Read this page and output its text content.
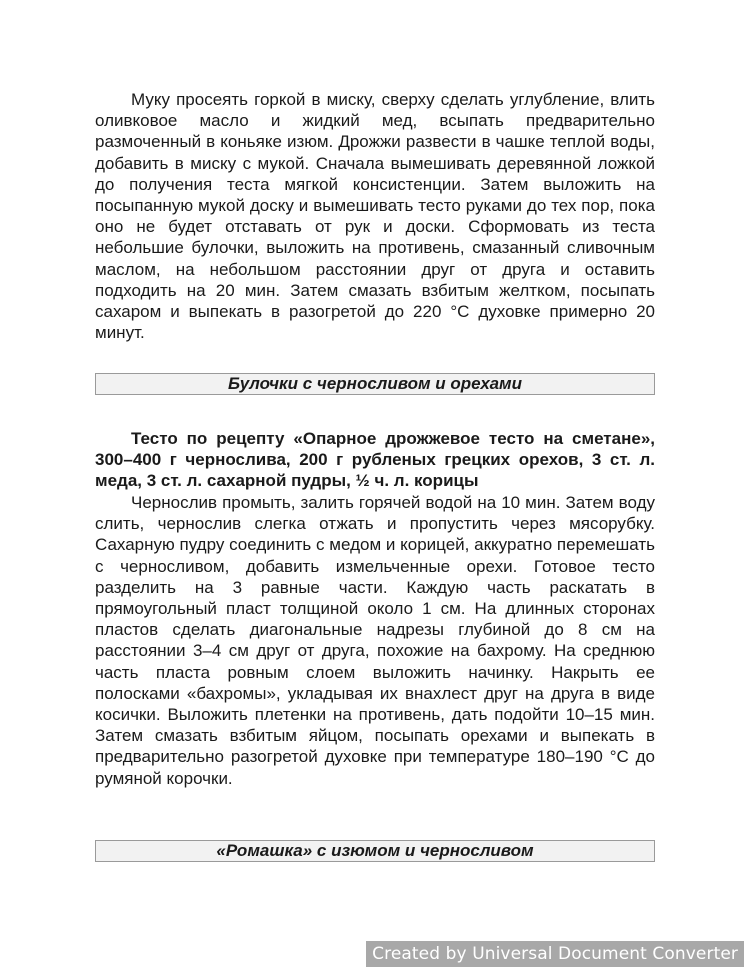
Муку просеять горкой в миску, сверху сделать углубление, влить оливковое масло и жидкий мед, всыпать предварительно размоченный в коньяке изюм. Дрожжи развести в чашке теплой воды, добавить в миску с мукой. Сначала вымешивать деревянной ложкой до получения теста мягкой консистенции. Затем выложить на посыпанную мукой доску и вымешивать тесто руками до тех пор, пока оно не будет отставать от рук и доски. Сформовать из теста небольшие булочки, выложить на противень, смазанный сливочным маслом, на небольшом расстоянии друг от друга и оставить подходить на 20 мин. Затем смазать взбитым желтком, посыпать сахаром и выпекать в разогретой до 220 °C духовке примерно 20 минут.

Булочки с черносливом и орехами

Тесто по рецепту «Опарное дрожжевое тесто на сметане», 300–400 г чернослива, 200 г рубленых грецких орехов, 3 ст. л. меда, 3 ст. л. сахарной пудры, ½ ч. л. корицы

Чернослив промыть, залить горячей водой на 10 мин. Затем воду слить, чернослив слегка отжать и пропустить через мясорубку. Сахарную пудру соединить с медом и корицей, аккуратно перемешать с черносливом, добавить измельченные орехи. Готовое тесто разделить на 3 равные части. Каждую часть раскатать в прямоугольный пласт толщиной около 1 см. На длинных сторонах пластов сделать диагональные надрезы глубиной до 8 см на расстоянии 3–4 см друг от друга, похожие на бахрому. На среднюю часть пласта ровным слоем выложить начинку. Накрыть ее полосками «бахромы», укладывая их внахлест друг на друга в виде косички. Выложить плетенки на противень, дать подойти 10–15 мин. Затем смазать взбитым яйцом, посыпать орехами и выпекать в предварительно разогретой духовке при температуре 180–190 °C до румяной корочки.

«Ромашка» с изюмом и черносливом
Created by Universal Document Converter
